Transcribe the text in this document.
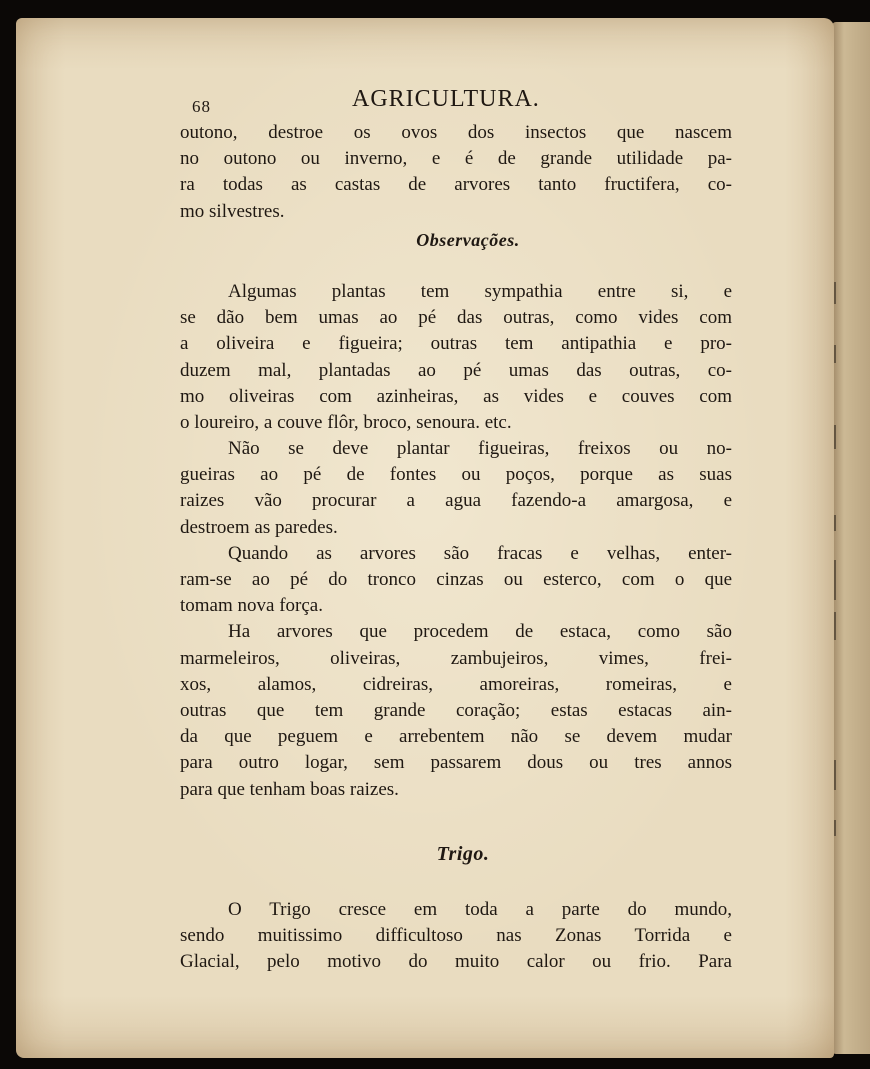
68	AGRICULTURA.
outono, destroe os ovos dos insectos que nascem
no outono ou inverno, e é de grande utilidade pa-
ra todas as castas de arvores tanto fructifera, co-
mo silvestres.
Observações.
Algumas plantas tem sympathia entre si, e
se dão bem umas ao pé das outras, como vides com
a oliveira e figueira; outras tem antipathia e pro-
duzem mal, plantadas ao pé umas das outras, co-
mo oliveiras com azinheiras, as vides e couves com
o loureiro, a couve flôr, broco, senoura. etc.
Não se deve plantar figueiras, freixos ou no-
gueiras ao pé de fontes ou poços, porque as suas
raizes vão procurar a agua fazendo-a amargosa, e
destroem as paredes.
Quando as arvores são fracas e velhas, enter-
ram-se ao pé do tronco cinzas ou esterco, com o que
tomam nova força.
Ha arvores que procedem de estaca, como são
marmeleiros, oliveiras, zambujeiros, vimes, frei-
xos, alamos, cidreiras, amoreiras, romeiras, e
outras que tem grande coração; estas estacas ain-
da que peguem e arrebentem não se devem mudar
para outro logar, sem passarem dous ou tres annos
para que tenham boas raizes.
Trigo.
O Trigo cresce em toda a parte do mundo,
sendo muitissimo difficultoso nas Zonas Torrida e
Glacial, pelo motivo do muito calor ou frio. Para
